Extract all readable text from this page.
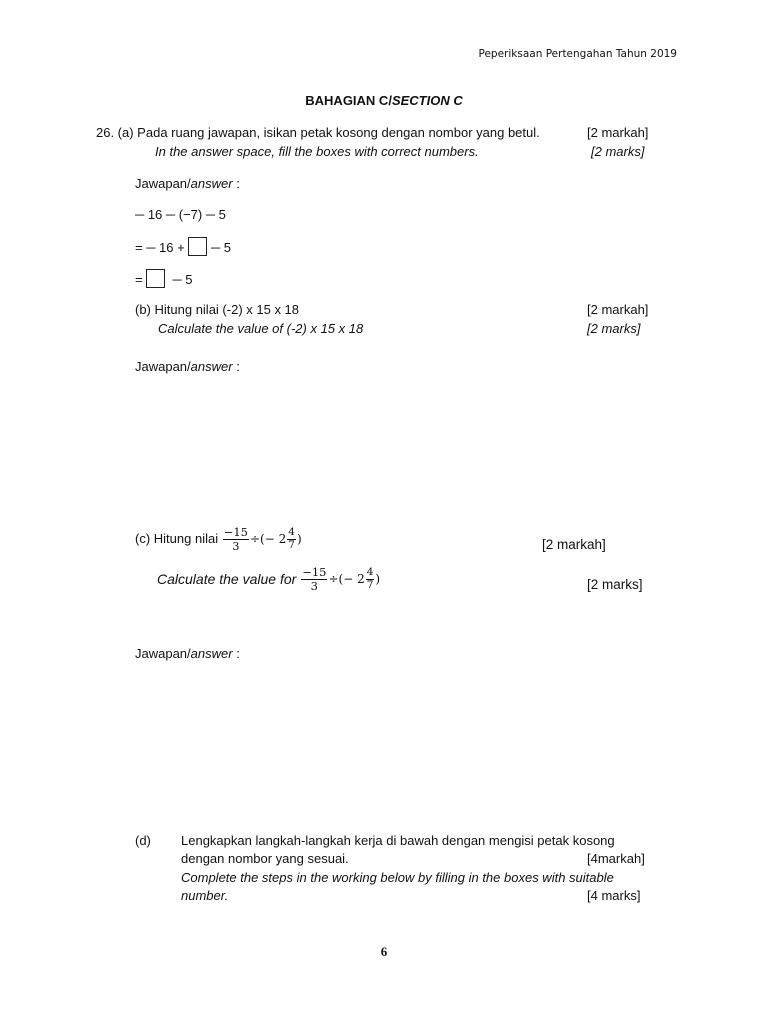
Peperiksaan Pertengahan Tahun 2019
BAHAGIAN C/SECTION C
26. (a) Pada ruang jawapan, isikan petak kosong dengan nombor yang betul.	[2 markah]
In the answer space, fill the boxes with correct numbers.	[2 marks]
Jawapan/answer :
─ 16 ─ (−7) ─ 5
= ─ 16 + ─ 5
= ─ 5
(b) Hitung nilai (-2) x 15 x 18	[2 markah]
Calculate the value of (-2) x 15 x 18	[2 marks]
Jawapan/answer :
(c) Hitung nilai $\frac{-15}{3}$ ÷(− $2 \frac{4}{7}$ )	[2 markah]
Calculate the value for $\frac{-15}{3}$ ÷(− $2 \frac{4}{7}$ )	[2 marks]
Jawapan/answer :
(d) Lengkapkan langkah-langkah kerja di bawah dengan mengisi petak kosong
dengan nombor yang sesuai.	[4markah]
Complete the steps in the working below by filling in the boxes with suitable
number.	[4 marks]
6
